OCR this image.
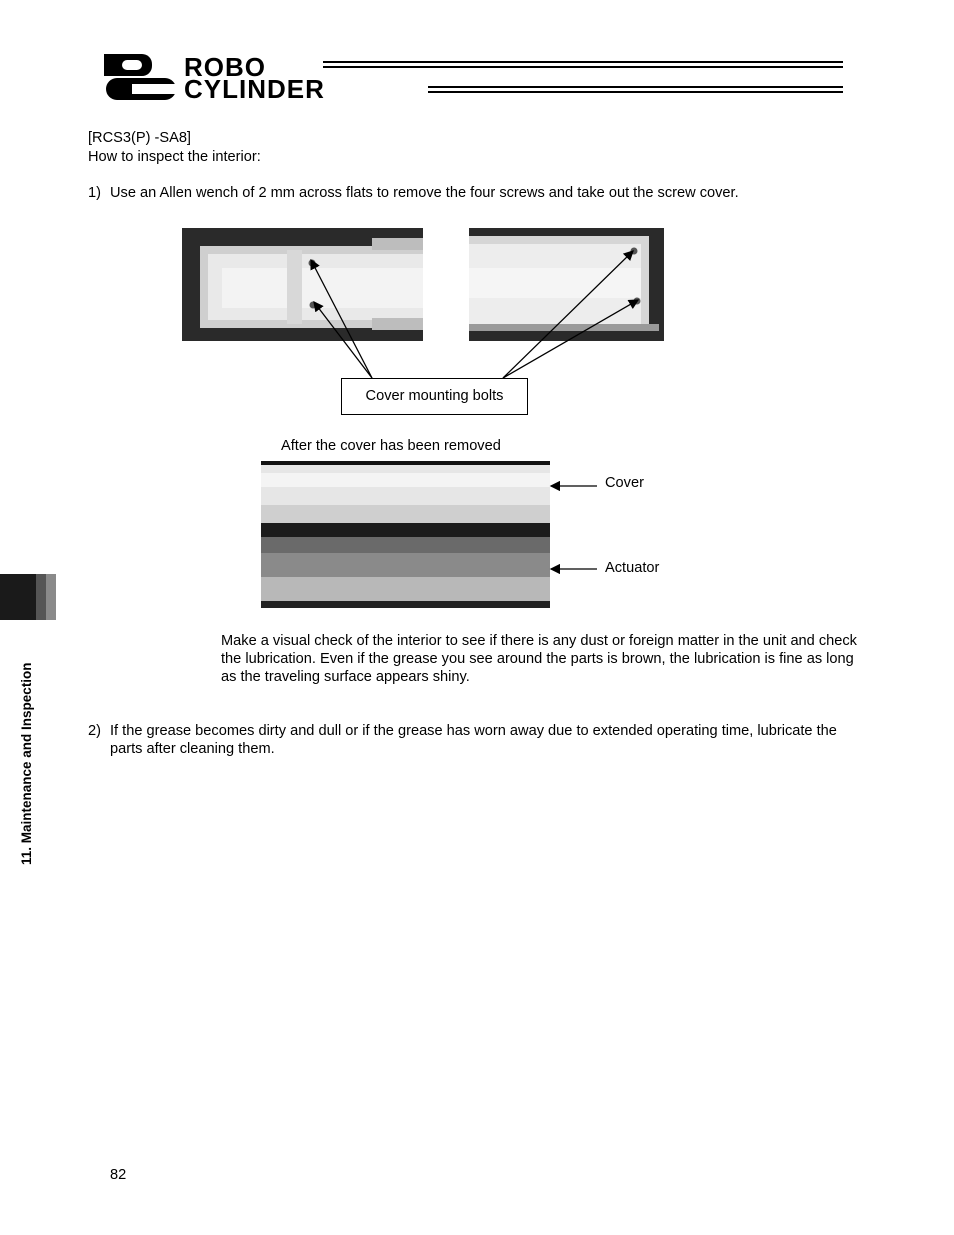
ROBO
CYLINDER
[RCS3(P) -SA8]
How to inspect the interior:
1) Use an Allen wench of 2 mm across flats to remove the four screws and take out the screw cover.
Cover mounting bolts
After the cover has been removed
Cover
Actuator
Make a visual check of the interior to see if there is any dust or foreign matter in the unit and check the lubrication. Even if the grease you see around the parts is brown, the lubrication is fine as long as the traveling surface appears shiny.
2) If the grease becomes dirty and dull or if the grease has worn away due to extended operating time, lubricate the parts after cleaning them.
11. Maintenance and Inspection
82
